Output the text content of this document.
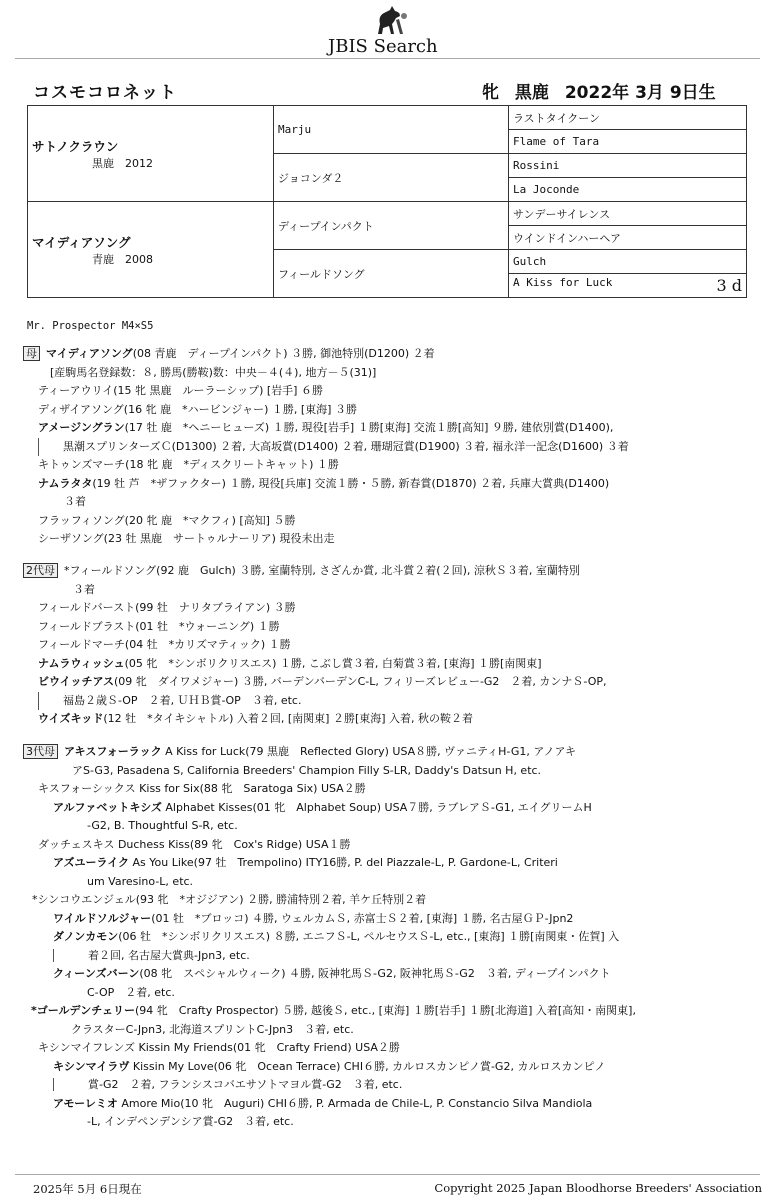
JBIS Search
コスモコロネット	牝 黒鹿 2022年 3月 9日生
サトノクラウン
黒鹿　2012	Marju	ラストタイクーン
		Flame of Tara
	ジョコンダ２	Rossini
		La Joconde

マイディアソング
青鹿　2008	ディープインパクト	サンデーサイレンス
		ウインドインハーヘア
	フィールドソング	Gulch
		A Kiss for Luck 3 d
Mr. Prospector M4×S5
母 マイディアソング(08 青鹿　ディープインパクト) ３勝, 御池特別(D1200) ２着
[産駒馬名登録数：８, 勝馬(勝鞍)数：中央－４(４), 地方－５(31)]
ティーアウリイ(15 牝 黒鹿　ルーラーシップ) [岩手] ６勝
ディザイアソング(16 牝 鹿　*ハービンジャー) １勝, [東海] ３勝
アメージングラン(17 牡 鹿　*ヘニーヒューズ) １勝, 現役[岩手] １勝[東海] 交流１勝[高知] ９勝, 建依別賞(D1400),
黒潮スプリンターズＣ(D1300) ２着, 大高坂賞(D1400) ２着, 珊瑚冠賞(D1900) ３着, 福永洋一記念(D1600) ３着
キトゥンズマーチ(18 牝 鹿　*ディスクリートキャット) １勝
ナムラタタ(19 牡 芦　*ザファクター) １勝, 現役[兵庫] 交流１勝・５勝, 新春賞(D1870) ２着, 兵庫大賞典(D1400)
３着
フラッフィソング(20 牝 鹿　*マクフィ) [高知] ５勝
シーザソング(23 牡 黒鹿　サートゥルナーリア) 現役未出走
2代母 *フィールドソング(92 鹿　Gulch) ３勝, 室蘭特別, さざんか賞, 北斗賞２着(２回), 涼秋Ｓ３着, 室蘭特別
３着
フィールドバースト(99 牡　ナリタブライアン) ３勝
フィールドブラスト(01 牡　*ウォーニング) １勝
フィールドマーチ(04 牡　*カリズマティック) １勝
ナムラウィッシュ(05 牝　*シンボリクリスエス) １勝, こぶし賞３着, 白菊賞３着, [東海] １勝[南関東]
ビウイッチアス(09 牝　ダイワメジャー) ３勝, バーデンバーデンC-L, フィリーズレビュー-G2　２着, カンナＳ-OP,
福島２歳Ｓ-OP　２着, ＵＨＢ賞-OP　３着, etc.
ウイズキッド(12 牡　*タイキシャトル) 入着２回, [南関東] ２勝[東海] 入着, 秋の鞍２着
3代母 アキスフォーラック A Kiss for Luck(79 黒鹿　Reflected Glory) USA８勝, ヴァニティH-G1, アノアキ
アS-G3, Pasadena S, California Breeders' Champion Filly S-LR, Daddy's Datsun H, etc.
キスフォーシックス Kiss for Six(88 牝　Saratoga Six) USA２勝
アルファベットキシズ Alphabet Kisses(01 牝　Alphabet Soup) USA７勝, ラブレアＳ-G1, エイグリームH
-G2, B. Thoughtful S-R, etc.
ダッチェスキス Duchess Kiss(89 牝　Cox's Ridge) USA１勝
アズユーライク As You Like(97 牡　Trempolino) ITY16勝, P. del Piazzale-L, P. Gardone-L, Criteri
um Varesino-L, etc.
*シンコウエンジェル(93 牝　*オジジアン) ２勝, 勝浦特別２着, 羊ケ丘特別２着
ワイルドソルジャー(01 牡　*ブロッコ) ４勝, ウェルカムＳ, 赤富士Ｓ２着, [東海] １勝, 名古屋ＧＰ-Jpn2
ダノンカモン(06 牡　*シンボリクリスエス) ８勝, エニフＳ-L, ペルセウスＳ-L, etc., [東海] １勝[南関東・佐賀] 入
着２回, 名古屋大賞典-Jpn3, etc.
クィーンズバーン(08 牝　スペシャルウィーク) ４勝, 阪神牝馬Ｓ-G2, 阪神牝馬Ｓ-G2　３着, ディープインパクト
C-OP　２着, etc.
*ゴールデンチェリー(94 牝　Crafty Prospector) ５勝, 越後Ｓ, etc., [東海] １勝[岩手] １勝[北海道] 入着[高知・南関東],
クラスターC-Jpn3, 北海道スプリントC-Jpn3　３着, etc.
キシンマイフレンズ Kissin My Friends(01 牝　Crafty Friend) USA２勝
キシンマイラヴ Kissin My Love(06 牝　Ocean Terrace) CHI６勝, カルロスカンピノ賞-G2, カルロスカンピノ
賞-G2　２着, フランシスコバエサソトマヨル賞-G2　３着, etc.
アモーレミオ Amore Mio(10 牝　Auguri) CHI６勝, P. Armada de Chile-L, P. Constancio Silva Mandiola
-L, インデペンデンシア賞-G2　３着, etc.
2025年 5月 6日現在	Copyright 2025 Japan Bloodhorse Breeders' Association
